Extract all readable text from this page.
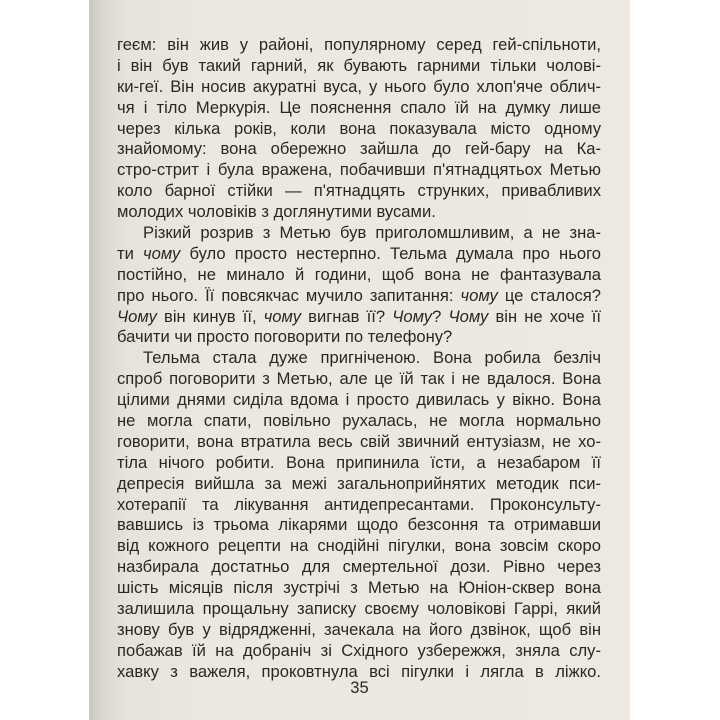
геєм: він жив у районі, популярному серед гей-спільноти,
і він був такий гарний, як бувають гарними тільки чолові-
ки-геї. Він носив акуратні вуса, у нього було хлоп'яче облич-
чя і тіло Меркурія. Це пояснення спало їй на думку лише
через кілька років, коли вона показувала місто одному
знайомому: вона обережно зайшла до гей-бару на Ка-
стро-стрит і була вражена, побачивши п'ятнадцятьох Метью
коло барної стійки — п'ятнадцять струнких, привабливих
молодих чоловіків з доглянутими вусами.
Різкий розрив з Метью був приголомшливим, а не зна-
ти чому було просто нестерпно. Тельма думала про нього
постійно, не минало й години, щоб вона не фантазувала
про нього. Її повсякчас мучило запитання: чому це сталося?
Чому він кинув її, чому вигнав її? Чому? Чому він не хоче її
бачити чи просто поговорити по телефону?
Тельма стала дуже пригніченою. Вона робила безліч
спроб поговорити з Метью, але це їй так і не вдалося. Вона
цілими днями сиділа вдома і просто дивилась у вікно. Вона
не могла спати, повільно рухалась, не могла нормально
говорити, вона втратила весь свій звичний ентузіазм, не хо-
тіла нічого робити. Вона припинила їсти, а незабаром її
депресія вийшла за межі загальноприйнятих методик пси-
хотерапії та лікування антидепресантами. Проконсульту-
вавшись із трьома лікарями щодо безсоння та отримавши
від кожного рецепти на снодійні пігулки, вона зовсім скоро
назбирала достатньо для смертельної дози. Рівно через
шість місяців після зустрічі з Метью на Юніон-сквер вона
залишила прощальну записку своєму чоловікові Гаррі, який
знову був у відрядженні, зачекала на його дзвінок, щоб він
побажав їй на добраніч зі Східного узбережжя, зняла слу-
хавку з важеля, проковтнула всі пігулки і лягла в ліжко.
35
